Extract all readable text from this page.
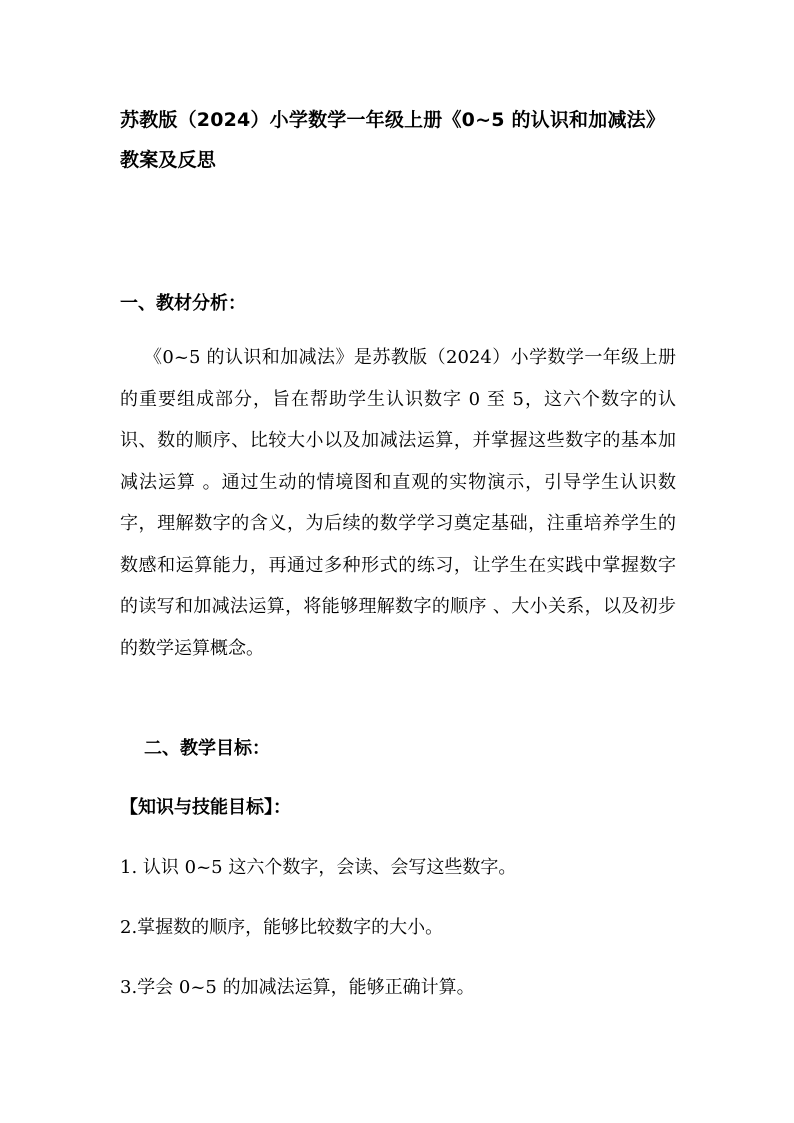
苏教版（2024）小学数学一年级上册《0~5 的认识和加减法》教案及反思
一、教材分析：

《0~5 的认识和加减法》是苏教版（2024）小学数学一年级上册的重要组成部分，旨在帮助学生认识数字 0 至 5，这六个数字的认识、数的顺序、比较大小以及加减法运算，并掌握这些数字的基本加减法运算 。通过生动的情境图和直观的实物演示，引导学生认识数字，理解数字的含义，为后续的数学学习奠定基础，注重培养学生的数感和运算能力，再通过多种形式的练习，让学生在实践中掌握数字的读写和加减法运算，将能够理解数字的顺序 、大小关系，以及初步的数学运算概念。

二、教学目标：
【知识与技能目标】：

1. 认识 0~5 这六个数字，会读、会写这些数字。

2.掌握数的顺序，能够比较数字的大小。

3.学会 0~5 的加减法运算，能够正确计算。
